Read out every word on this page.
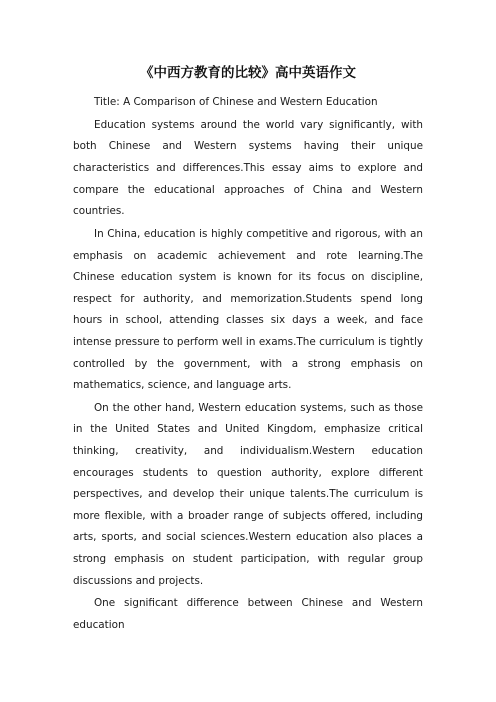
《中西方教育的比较》高中英语作文

Title: A Comparison of Chinese and Western Education

Education systems around the world vary significantly, with both Chinese and Western systems having their unique characteristics and differences.This essay aims to explore and compare the educational approaches of China and Western countries.

In China, education is highly competitive and rigorous, with an emphasis on academic achievement and rote learning.The Chinese education system is known for its focus on discipline, respect for authority, and memorization.Students spend long hours in school, attending classes six days a week, and face intense pressure to perform well in exams.The curriculum is tightly controlled by the government, with a strong emphasis on mathematics, science, and language arts.

On the other hand, Western education systems, such as those in the United States and United Kingdom, emphasize critical thinking, creativity, and individualism.Western education encourages students to question authority, explore different perspectives, and develop their unique talents.The curriculum is more flexible, with a broader range of subjects offered, including arts, sports, and social sciences.Western education also places a strong emphasis on student participation, with regular group discussions and projects.

One significant difference between Chinese and Western education
